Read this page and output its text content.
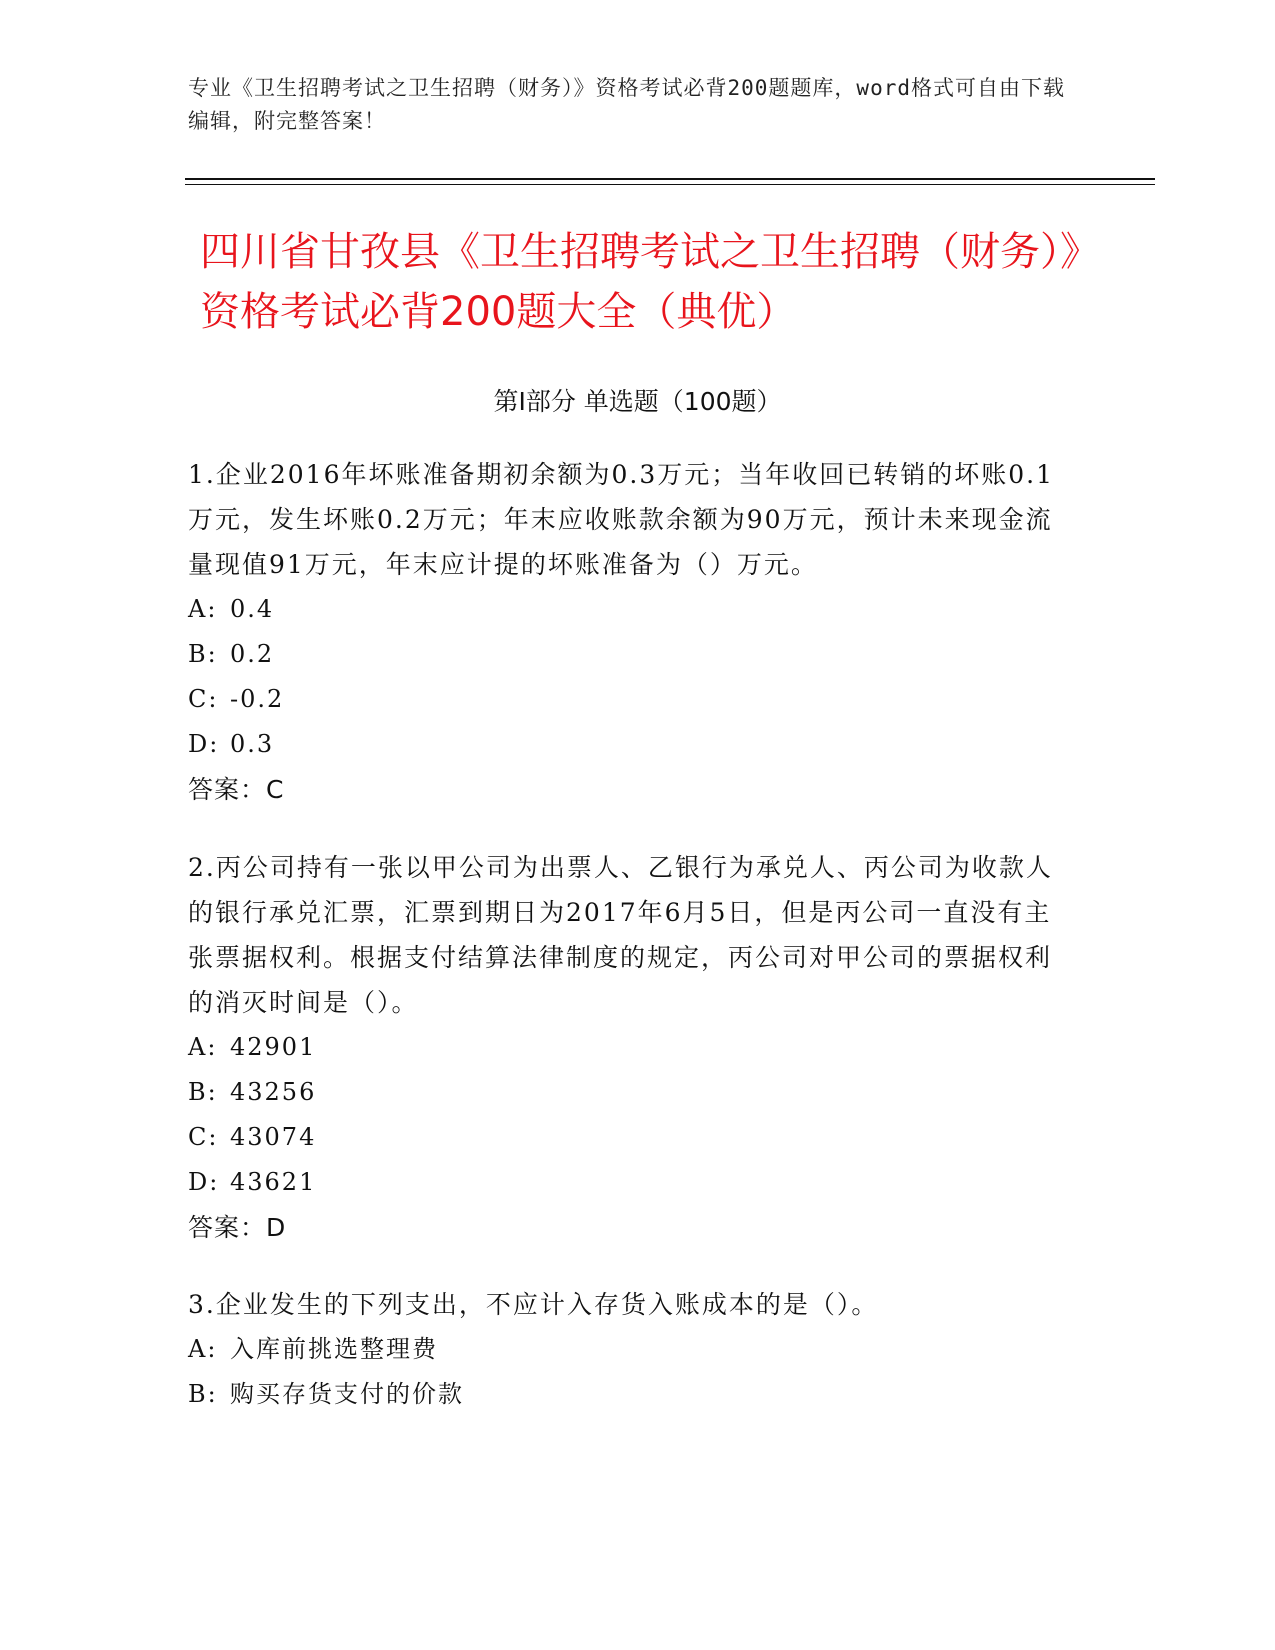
专业《卫生招聘考试之卫生招聘（财务）》资格考试必背200题题库，word格式可自由下载编辑，附完整答案！
四川省甘孜县《卫生招聘考试之卫生招聘（财务）》资格考试必背200题大全（典优）
第I部分 单选题（100题）

1.企业2016年坏账准备期初余额为0.3万元；当年收回已转销的坏账0.1万元，发生坏账0.2万元；年末应收账款余额为90万元，预计未来现金流量现值91万元，年末应计提的坏账准备为（）万元。

A: 0.4

B: 0.2

C: -0.2

D: 0.3

答案：C

2.丙公司持有一张以甲公司为出票人、乙银行为承兑人、丙公司为收款人的银行承兑汇票，汇票到期日为2017年6月5日，但是丙公司一直没有主张票据权利。根据支付结算法律制度的规定，丙公司对甲公司的票据权利的消灭时间是（）。

A: 42901

B: 43256

C: 43074

D: 43621

答案：D

3.企业发生的下列支出，不应计入存货入账成本的是（）。

A: 入库前挑选整理费

B: 购买存货支付的价款
